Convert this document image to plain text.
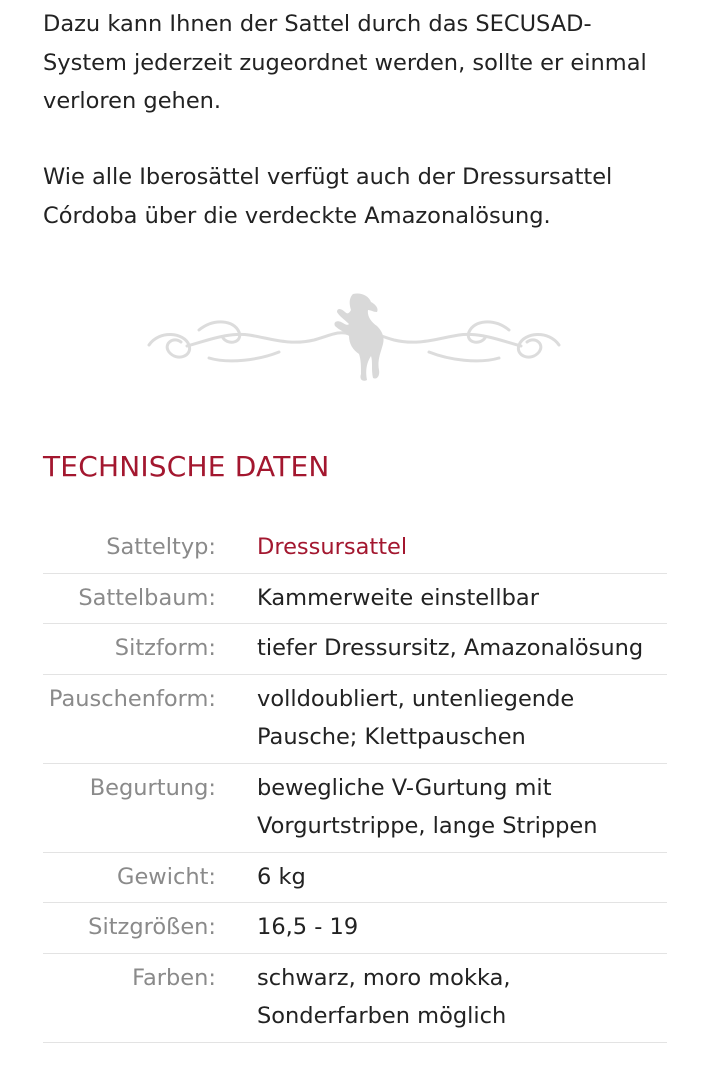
Dazu kann Ihnen der Sattel durch das SECUSAD-System jederzeit zugeordnet werden, sollte er einmal verloren gehen.

Wie alle Iberosättel verfügt auch der Dressursattel Córdoba über die verdeckte Amazonalösung.

TECHNISCHE DATEN
Satteltyp:	Dressursattel
Sattelbaum:	Kammerweite einstellbar
Sitzform:	tiefer Dressursitz, Amazonalösung
Pauschenform:	volldoubliert, untenliegende Pausche; Klettpauschen
Begurtung:	bewegliche V-Gurtung mit Vorgurtstrippe, lange Strippen
Gewicht:	6 kg
Sitzgrößen:	16,5 - 19
Farben:	schwarz, moro mokka, Sonderfarben möglich
